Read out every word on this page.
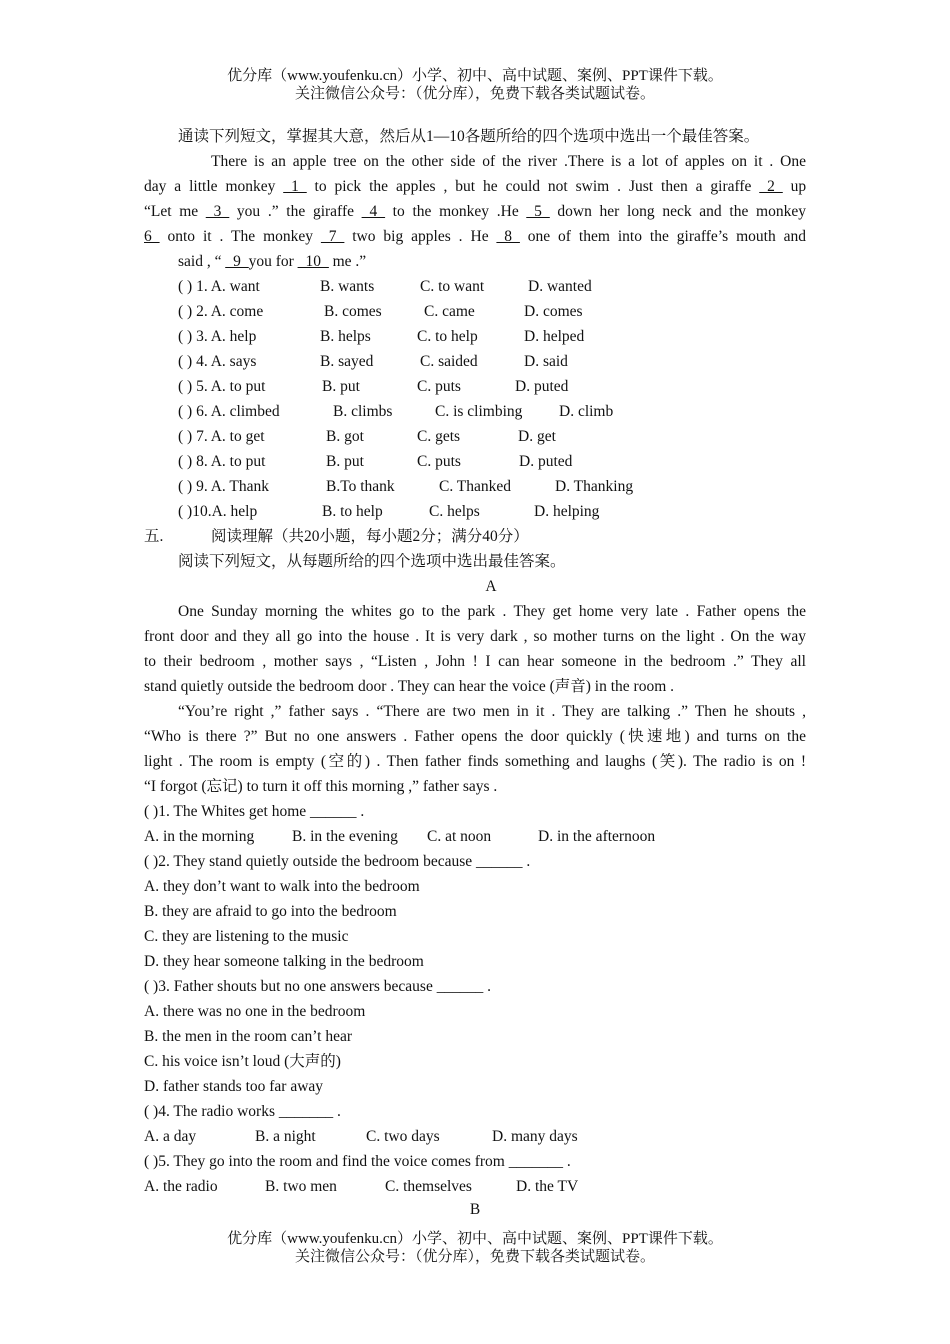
优分库（www.youfenku.cn）小学、初中、高中试题、案例、PPT课件下载。
关注微信公众号：（优分库），免费下载各类试题试卷。
通读下列短文，掌握其大意，然后从1—10各题所给的四个选项中选出一个最佳答案。
There is an apple tree on the other side of the river .There is a lot of apples on it . One
day a little monkey _1_ to pick the apples , but he could not swim . Just then a giraffe _2_ up
“Let me _3_ you .” the giraffe _4_ to the monkey .He _5_ down her long neck and the monkey
6_ onto it . The monkey _7_ two big apples . He _8_ one of them into the giraffe’s mouth and
said , “ _9_you for _10_ me .”
( ) 1. A. want	B. wants	C. to want	D. wanted
( ) 2. A. come	B. comes	C. came	D. comes
( ) 3. A. help	B. helps	C. to help	D. helped
( ) 4. A. says	B. sayed	C. saided	D. said
( ) 5. A. to put	B. put	C. puts	D. puted
( ) 6. A. climbed	B. climbs	C. is climbing D. climb
( ) 7. A. to get	B. got	C. gets	D. get
( ) 8. A. to put	B. put	C. puts	D. puted
( ) 9. A. Thank	B.To thank	C. Thanked	D. Thanking
( )10.A. help	B. to help	C. helps	D. helping
五.	阅读理解（共20小题，每小题2分；满分40分）
阅读下列短文，从每题所给的四个选项中选出最佳答案。
A
One Sunday morning the whites go to the park . They get home very late . Father opens the
front door and they all go into the house . It is very dark , so mother turns on the light . On the way
to their bedroom , mother says , “Listen , John ! I can hear someone in the bedroom .” They all
stand quietly outside the bedroom door . They can hear the voice (声音) in the room .
“You’re right ,” father says . “There are two men in it . They are talking .” Then he shouts ,
“Who is there ?” But no one answers . Father opens the door quickly (快速地) and turns on the
light . The room is empty (空的) . Then father finds something and laughs (笑). The radio is on !
“I forgot (忘记) to turn it off this morning ,” father says .
( )1. The Whites get home ______ .
A. in the morning B. in the evening C. at noon	D. in the afternoon
( )2. They stand quietly outside the bedroom because ______ .
A. they don’t want to walk into the bedroom
B. they are afraid to go into the bedroom
C. they are listening to the music
D. they hear someone talking in the bedroom
( )3. Father shouts but no one answers because ______ .
A. there was no one in the bedroom
B. the men in the room can’t hear
C. his voice isn’t loud (大声的)
D. father stands too far away
( )4. The radio works _______ .
A. a day	B. a night	C. two days	D. many days
( )5. They go into the room and find the voice comes from _______ .
A. the radio	B. two men	C. themselves	D. the TV
B
优分库（www.youfenku.cn）小学、初中、高中试题、案例、PPT课件下载。
关注微信公众号：（优分库），免费下载各类试题试卷。
